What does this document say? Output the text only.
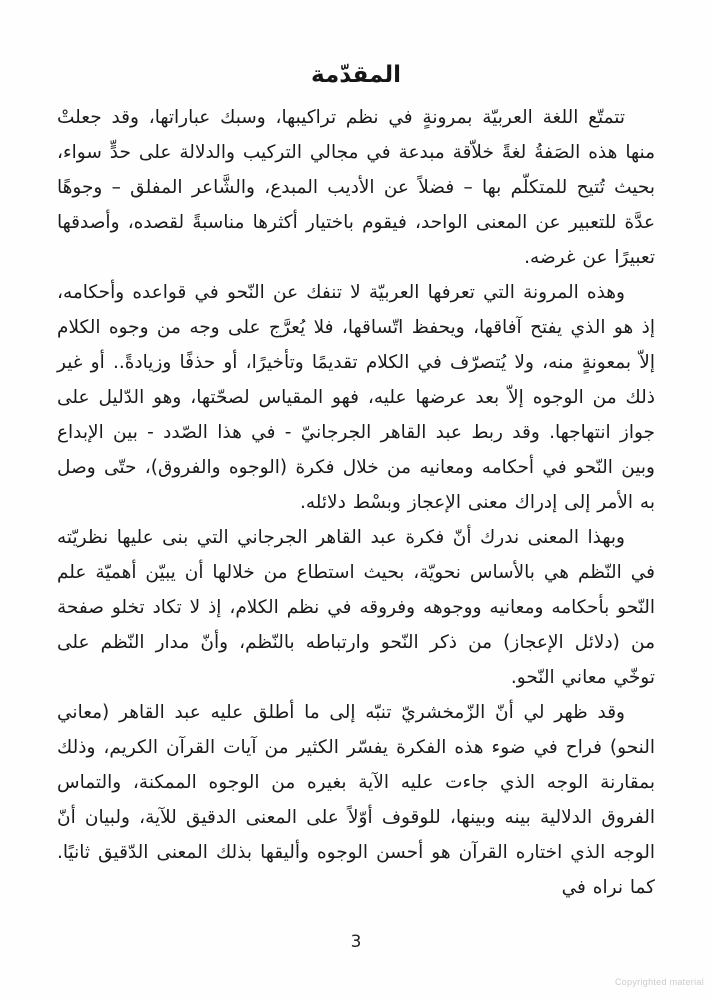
المقدّمة

تتمتّع اللغة العربيّة بمرونةٍ في نظم تراكيبها، وسبك عباراتها، وقد جعلتْ منها هذه الصَفةُ لغةً خلاّقة مبدعة في مجالي التركيب والدلالة على حدٍّ سواء، بحيث تُتيح للمتكلّم بها – فضلاً عن الأديب المبدع، والشَّاعر المفلق – وجوهًا عدَّة للتعبير عن المعنى الواحد، فيقوم باختيار أكثرها مناسبةً لقصده، وأصدقها تعبيرًا عن غرضه.

وهذه المرونة التي تعرفها العربيّة لا تنفك عن النّحو في قواعده وأحكامه، إذ هو الذي يفتح آفاقها، ويحفظ اتّساقها، فلا يُعرَّج على وجه من وجوه الكلام إلاّ بمعونةٍ منه، ولا يُتصرّف في الكلام تقديمًا وتأخيرًا، أو حذفًا وزيادةً.. أو غير ذلك من الوجوه إلاّ بعد عرضها عليه، فهو المقياس لصحّتها، وهو الدّليل على جواز انتهاجها. وقد ربط عبد القاهر الجرجانيّ - في هذا الصّدد - بين الإبداع وبين النّحو في أحكامه ومعانيه من خلال فكرة (الوجوه والفروق)، حتّى وصل به الأمر إلى إدراك معنى الإعجاز وبسْط دلائله.

وبهذا المعنى ندرك أنّ فكرة عبد القاهر الجرجاني التي بنى عليها نظريّته في النّظم هي بالأساس نحويّة، بحيث استطاع من خلالها أن يبيّن أهميّة علم النّحو بأحكامه ومعانيه ووجوهه وفروقه في نظم الكلام، إذ لا تكاد تخلو صفحة من (دلائل الإعجاز) من ذكر النّحو وارتباطه بالنّظم، وأنّ مدار النّظم على توخّي معاني النّحو.

وقد ظهر لي أنّ الزّمخشريّ تنبّه إلى ما أطلق عليه عبد القاهر (معاني النحو) فراح في ضوء هذه الفكرة يفسّر الكثير من آيات القرآن الكريم، وذلك بمقارنة الوجه الذي جاءت عليه الآية بغيره من الوجوه الممكنة، والتماس الفروق الدلالية بينه وبينها، للوقوف أوّلاً على المعنى الدقيق للآية، ولبيان أنّ الوجه الذي اختاره القرآن هو أحسن الوجوه وأليقها بذلك المعنى الدّقيق ثانيًا. كما نراه في

3
Copyrighted material
